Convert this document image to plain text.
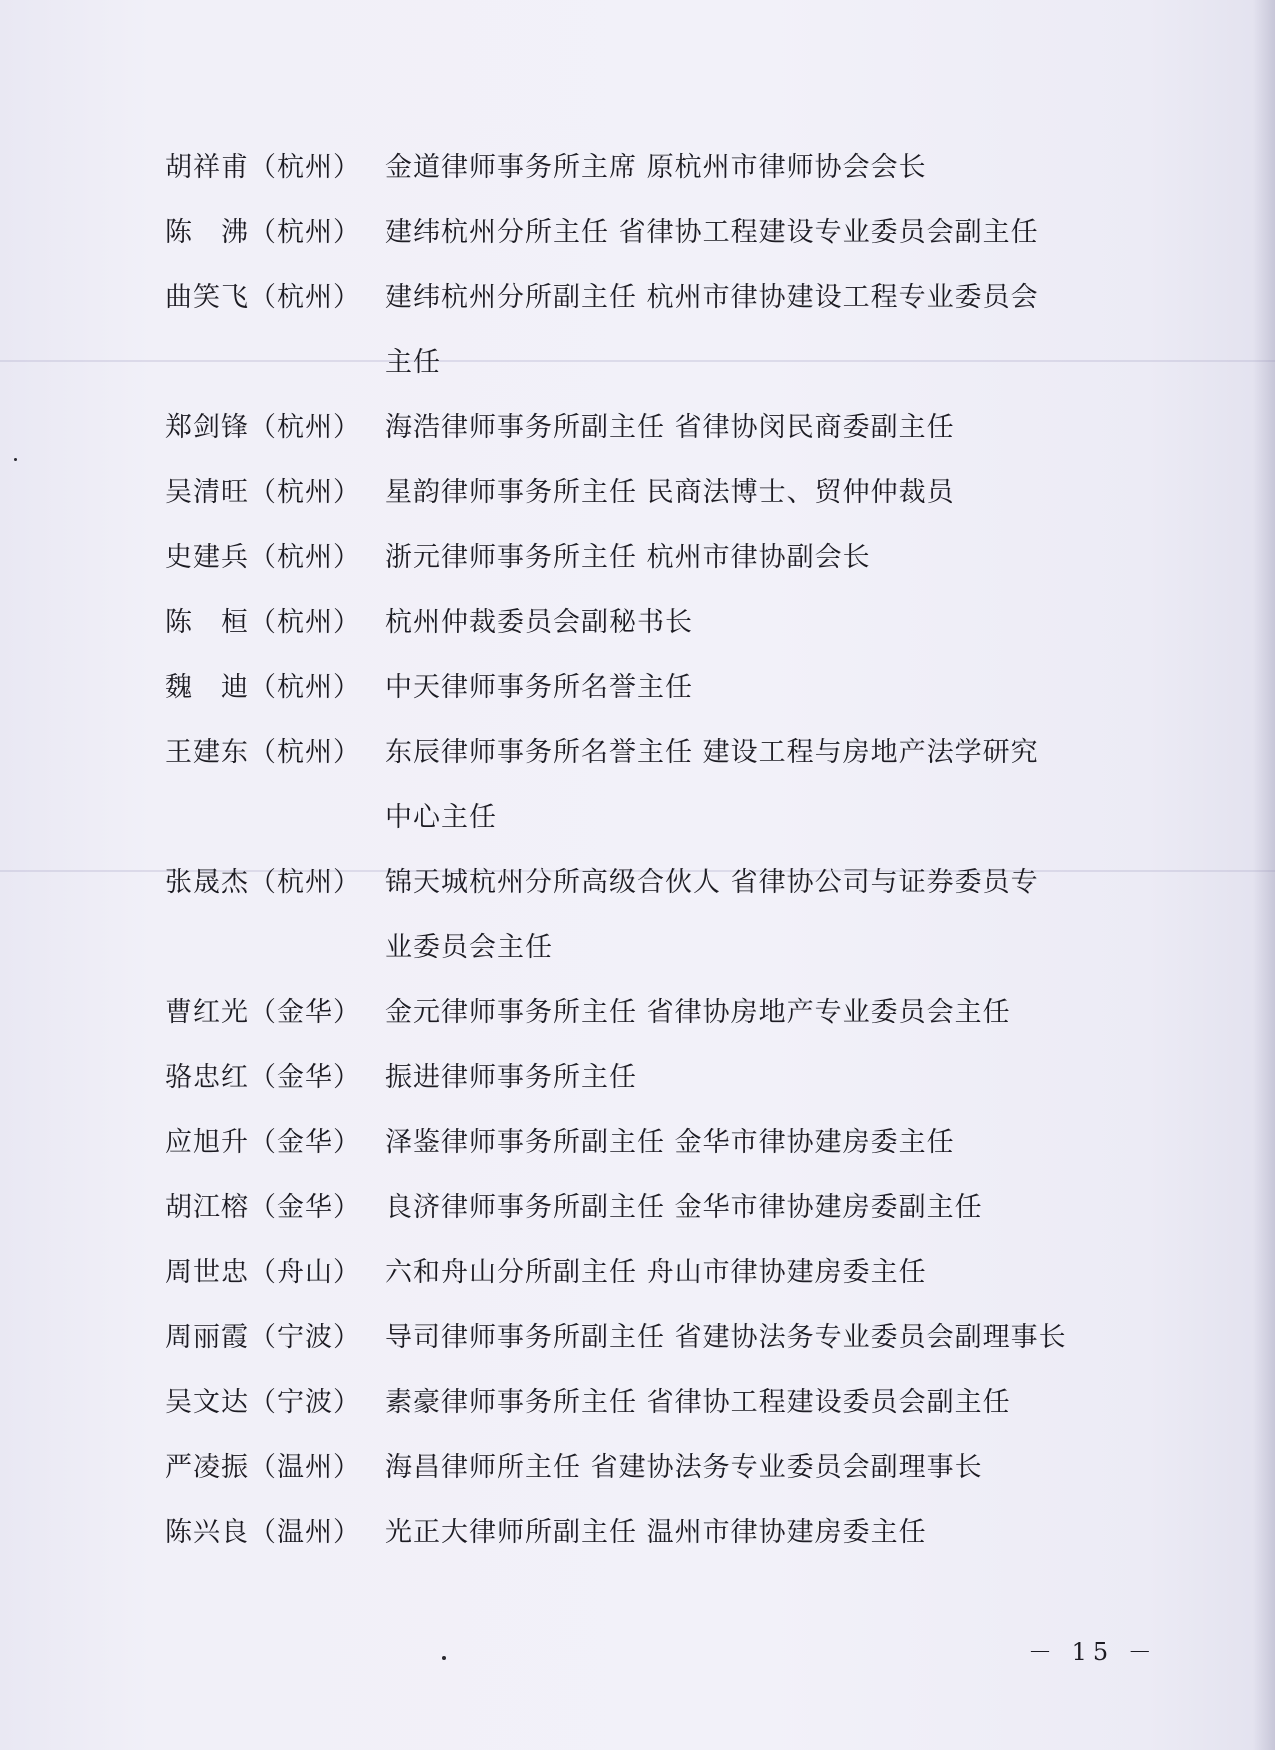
胡祥甫（杭州） 金道律师事务所主席 原杭州市律师协会会长
陈　沸（杭州） 建纬杭州分所主任 省律协工程建设专业委员会副主任
曲笑飞（杭州） 建纬杭州分所副主任 杭州市律协建设工程专业委员会
主任
郑剑锋（杭州） 海浩律师事务所副主任 省律协闵民商委副主任
吴清旺（杭州） 星韵律师事务所主任 民商法博士、贸仲仲裁员
史建兵（杭州） 浙元律师事务所主任 杭州市律协副会长
陈　桓（杭州） 杭州仲裁委员会副秘书长
魏　迪（杭州） 中天律师事务所名誉主任
王建东（杭州） 东辰律师事务所名誉主任 建设工程与房地产法学研究
中心主任
张晟杰（杭州） 锦天城杭州分所高级合伙人 省律协公司与证券委员专
业委员会主任
曹红光（金华） 金元律师事务所主任 省律协房地产专业委员会主任
骆忠红（金华） 振进律师事务所主任
应旭升（金华） 泽鉴律师事务所副主任 金华市律协建房委主任
胡江榕（金华） 良济律师事务所副主任 金华市律协建房委副主任
周世忠（舟山） 六和舟山分所副主任 舟山市律协建房委主任
周丽霞（宁波） 导司律师事务所副主任 省建协法务专业委员会副理事长
吴文达（宁波） 素豪律师事务所主任 省律协工程建设委员会副主任
严凌振（温州） 海昌律师所主任 省建协法务专业委员会副理事长
陈兴良（温州） 光正大律师所副主任 温州市律协建房委主任
－ 15 －
